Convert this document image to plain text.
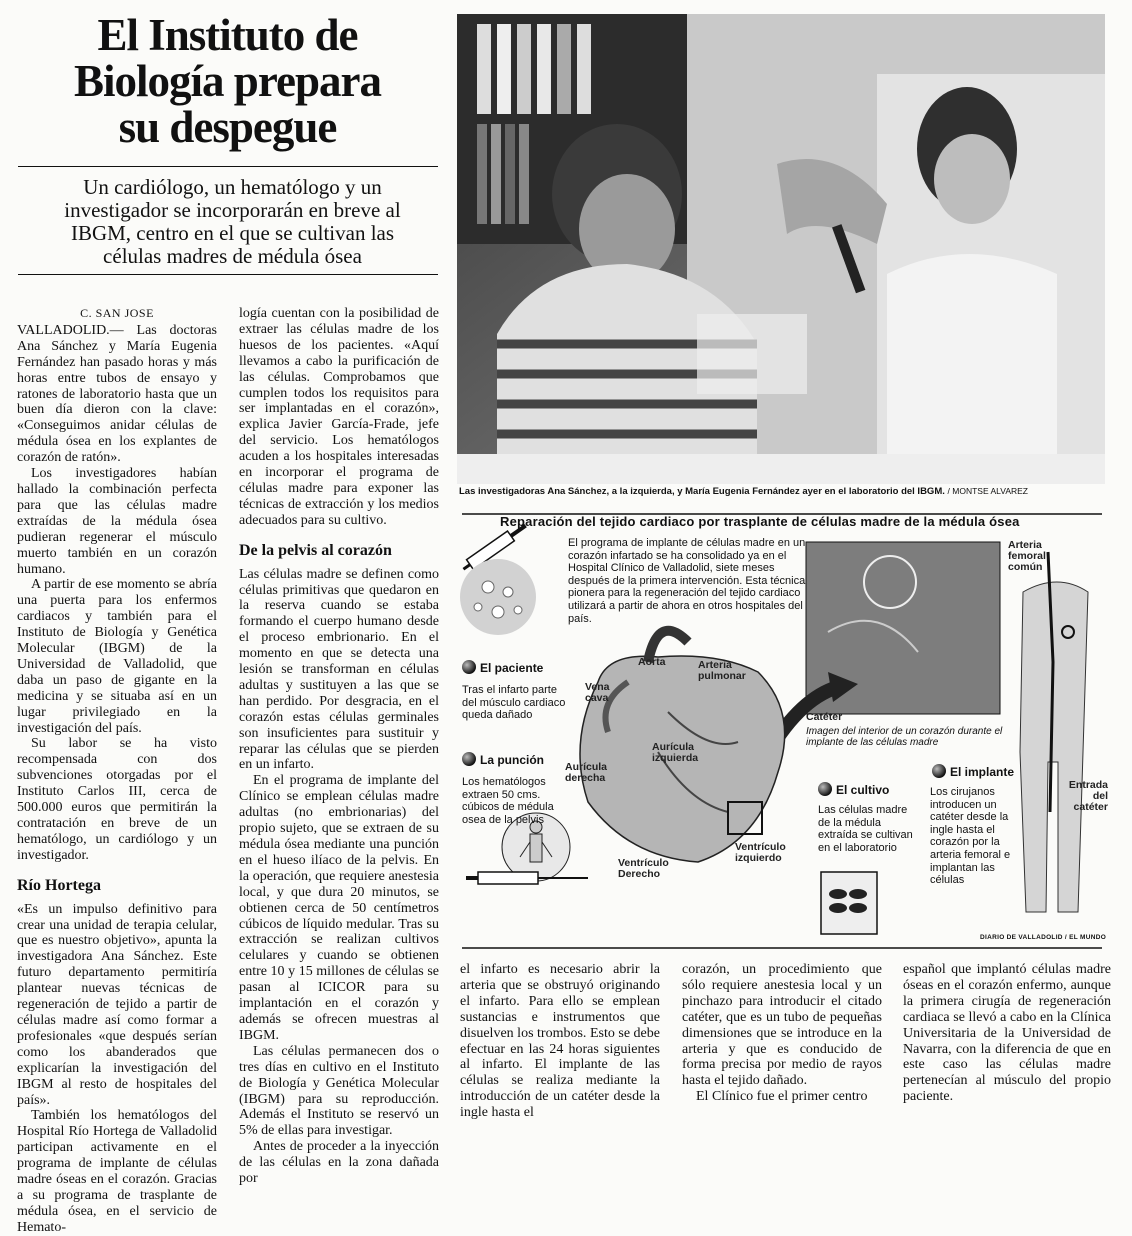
El Instituto de
Biología prepara
su despegue
Un cardiólogo, un hematólogo y un investigador se incorporarán en breve al IBGM, centro en el que se cultivan las células madres de médula ósea
C. SAN JOSE

VALLADOLID.— Las doctoras Ana Sánchez y María Eugenia Fernández han pasado horas y más horas entre tubos de ensayo y ratones de laboratorio hasta que un buen día dieron con la clave: «Conseguimos anidar células de médula ósea en los explantes de corazón de ratón».

Los investigadores habían hallado la combinación perfecta para que las células madre extraídas de la médula ósea pudieran regenerar el músculo muerto también en un corazón humano.

A partir de ese momento se abría una puerta para los enfermos cardiacos y también para el Instituto de Biología y Genética Molecular (IBGM) de la Universidad de Valladolid, que daba un paso de gigante en la medicina y se situaba así en un lugar privilegiado en la investigación del país.

Su labor se ha visto recompensada con dos subvenciones otorgadas por el Instituto Carlos III, cerca de 500.000 euros que permitirán la contratación en breve de un hematólogo, un cardiólogo y un investigador.

Río Hortega

«Es un impulso definitivo para crear una unidad de terapia celular, que es nuestro objetivo», apunta la investigadora Ana Sánchez. Este futuro departamento permitiría plantear nuevas técnicas de regeneración de tejido a partir de células madre así como formar a profesionales «que después serían como los abanderados que explicarían la investigación del IBGM al resto de hospitales del país».

También los hematólogos del Hospital Río Hortega de Valladolid participan activamente en el programa de implante de células madre óseas en el corazón. Gracias a su programa de trasplante de médula ósea, en el servicio de Hemato-

logía cuentan con la posibilidad de extraer las células madre de los huesos de los pacientes. «Aquí llevamos a cabo la purificación de las células. Comprobamos que cumplen todos los requisitos para ser implantadas en el corazón», explica Javier García-Frade, jefe del servicio. Los hematólogos acuden a los hospitales interesadas en incorporar el programa de células madre para exponer las técnicas de extracción y los medios adecuados para su cultivo.

De la pelvis al corazón

Las células madre se definen como células primitivas que quedaron en la reserva cuando se estaba formando el cuerpo humano desde el proceso embrionario. En el momento en que se detecta una lesión se transforman en células adultas y sustituyen a las que se han perdido. Por desgracia, en el corazón estas células germinales son insuficientes para sustituir y reparar las células que se pierden en un infarto.

En el programa de implante del Clínico se emplean células madre adultas (no embrionarias) del propio sujeto, que se extraen de su médula ósea mediante una punción en el hueso ilíaco de la pelvis. En la operación, que requiere anestesia local, y que dura 20 minutos, se obtienen cerca de 50 centímetros cúbicos de líquido medular. Tras su extracción se realizan cultivos celulares y cuando se obtienen entre 10 y 15 millones de células se pasan al ICICOR para su implantación en el corazón y además se ofrecen muestras al IBGM.

Las células permanecen dos o tres días en cultivo en el Instituto de Biología y Genética Molecular (IBGM) para su reproducción. Además el Instituto se reservó un 5% de ellas para investigar.

Antes de proceder a la inyección de las células en la zona dañada por

Las investigadoras Ana Sánchez, a la izquierda, y María Eugenia Fernández ayer en el laboratorio del IBGM. / MONTSE ALVAREZ
Reparación del tejido cardiaco por trasplante de células madre de la médula ósea
El programa de implante de células madre en un corazón infartado se ha consolidado ya en el Hospital Clínico de Valladolid, siete meses después de la primera intervención. Esta técnica pionera para la regeneración del tejido cardiaco utilizará a partir de ahora en otros hospitales del país.
El paciente
Tras el infarto parte del músculo cardiaco queda dañado
La punción
Los hematólogos extraen 50 cms. cúbicos de médula osea de la pelvis
El cultivo
Las células madre de la médula extraída se cultivan en el laboratorio
El implante
Los cirujanos introducen un catéter desde la ingle hasta el corazón por la arteria femoral e implantan las células
Aorta	Arteria pulmonar
Vena cava
Aurícula izquierda
Aurícula derecha
Ventrículo izquierdo
Ventrículo Derecho
Catéter
Imagen del interior de un corazón durante el implante de las células madre
Arteria femoral común
Entrada del catéter
DIARIO DE VALLADOLID / EL MUNDO

el infarto es necesario abrir la arteria que se obstruyó originando el infarto. Para ello se emplean sustancias e instrumentos que disuelven los trombos. Esto se debe efectuar en las 24 horas siguientes al infarto. El implante de las células se realiza mediante la introducción de un catéter desde la ingle hasta el

corazón, un procedimiento que sólo requiere anestesia local y un pinchazo para introducir el citado catéter, que es un tubo de pequeñas dimensiones que se introduce en la arteria y que es conducido de forma precisa por medio de rayos hasta el tejido dañado.

El Clínico fue el primer centro

español que implantó células madre óseas en el corazón enfermo, aunque la primera cirugía de regeneración cardiaca se llevó a cabo en la Clínica Universitaria de la Universidad de Navarra, con la diferencia de que en este caso las células madre pertenecían al músculo del propio paciente.
